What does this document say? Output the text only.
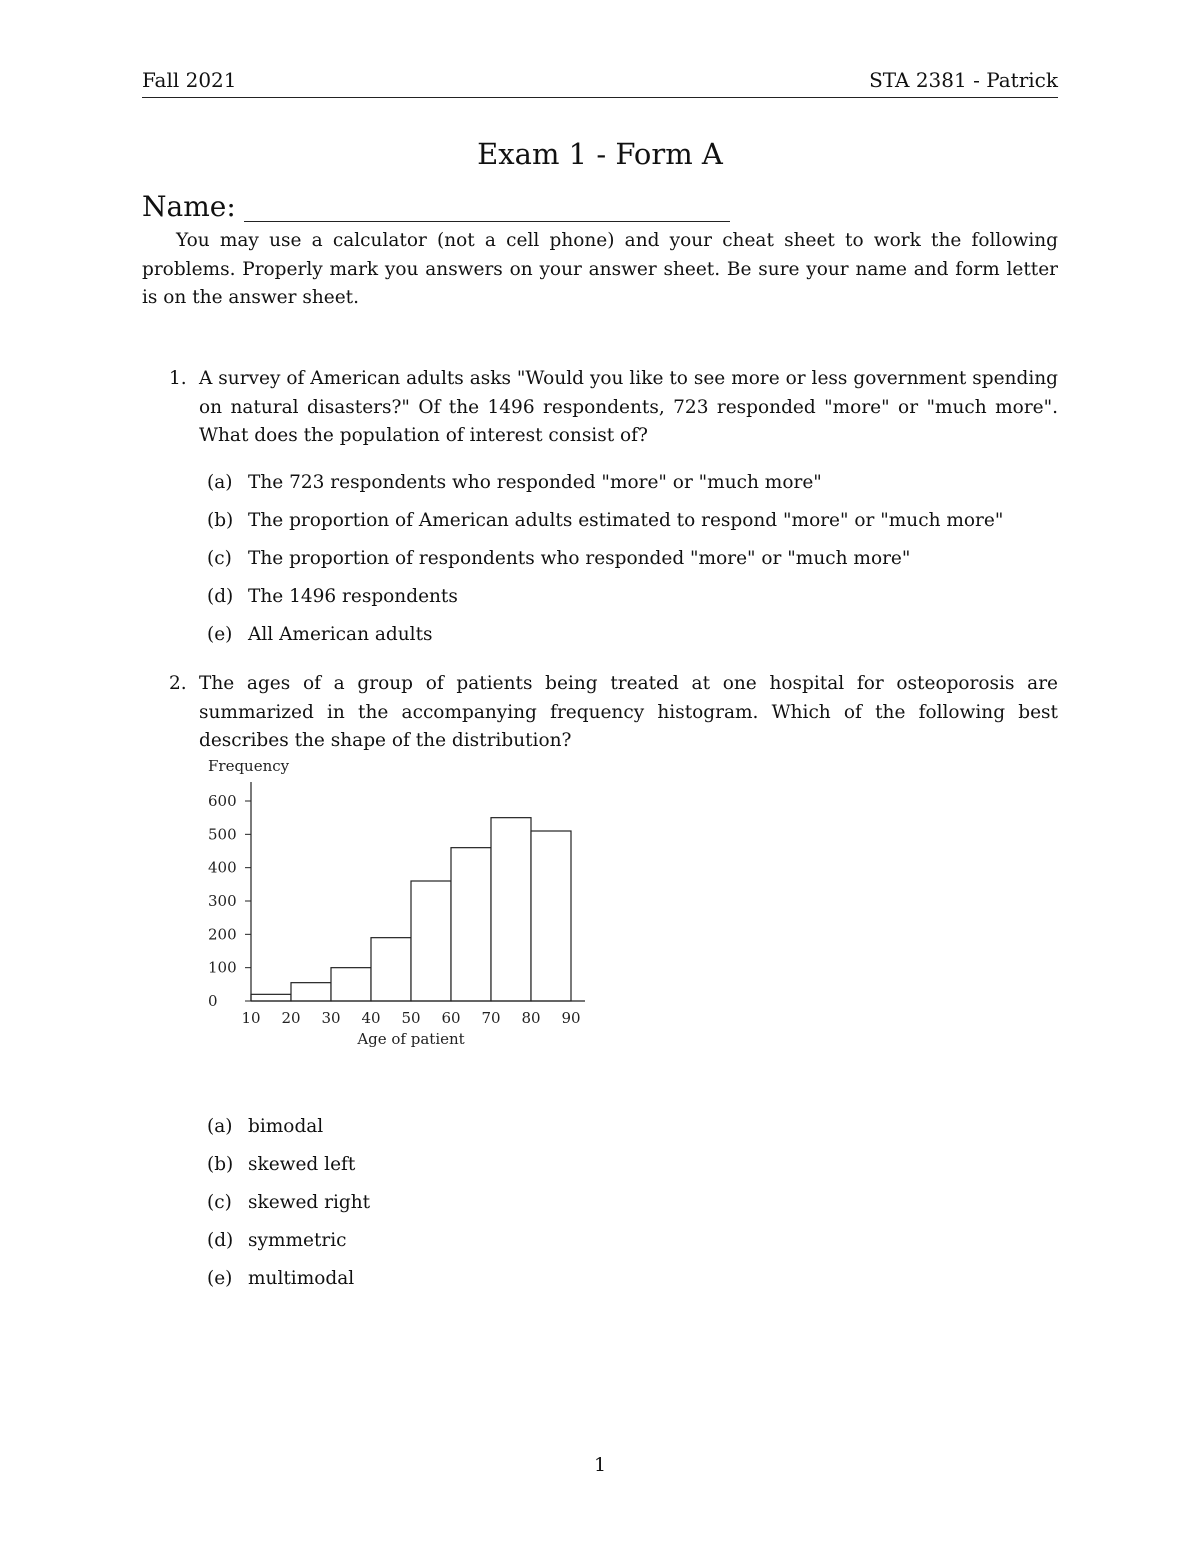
Fall 2021	STA 2381 - Patrick
Exam 1 - Form A
Name:

You may use a calculator (not a cell phone) and your cheat sheet to work the following problems. Properly mark you answers on your answer sheet. Be sure your name and form letter is on the answer sheet.

1. A survey of American adults asks "Would you like to see more or less government spending on natural disasters?" Of the 1496 respondents, 723 responded "more" or "much more". What does the population of interest consist of?
(a) The 723 respondents who responded "more" or "much more"
(b) The proportion of American adults estimated to respond "more" or "much more"
(c) The proportion of respondents who responded "more" or "much more"
(d) The 1496 respondents
(e) All American adults
2. The ages of a group of patients being treated at one hospital for osteoporosis are summarized in the accompanying frequency histogram. Which of the following best describes the shape of the distribution?
Frequency
0
100
200
300
400
500
600
10 20 30 40 50 60 70 80 90
Age of patient
(a) bimodal
(b) skewed left
(c) skewed right
(d) symmetric
(e) multimodal
1
